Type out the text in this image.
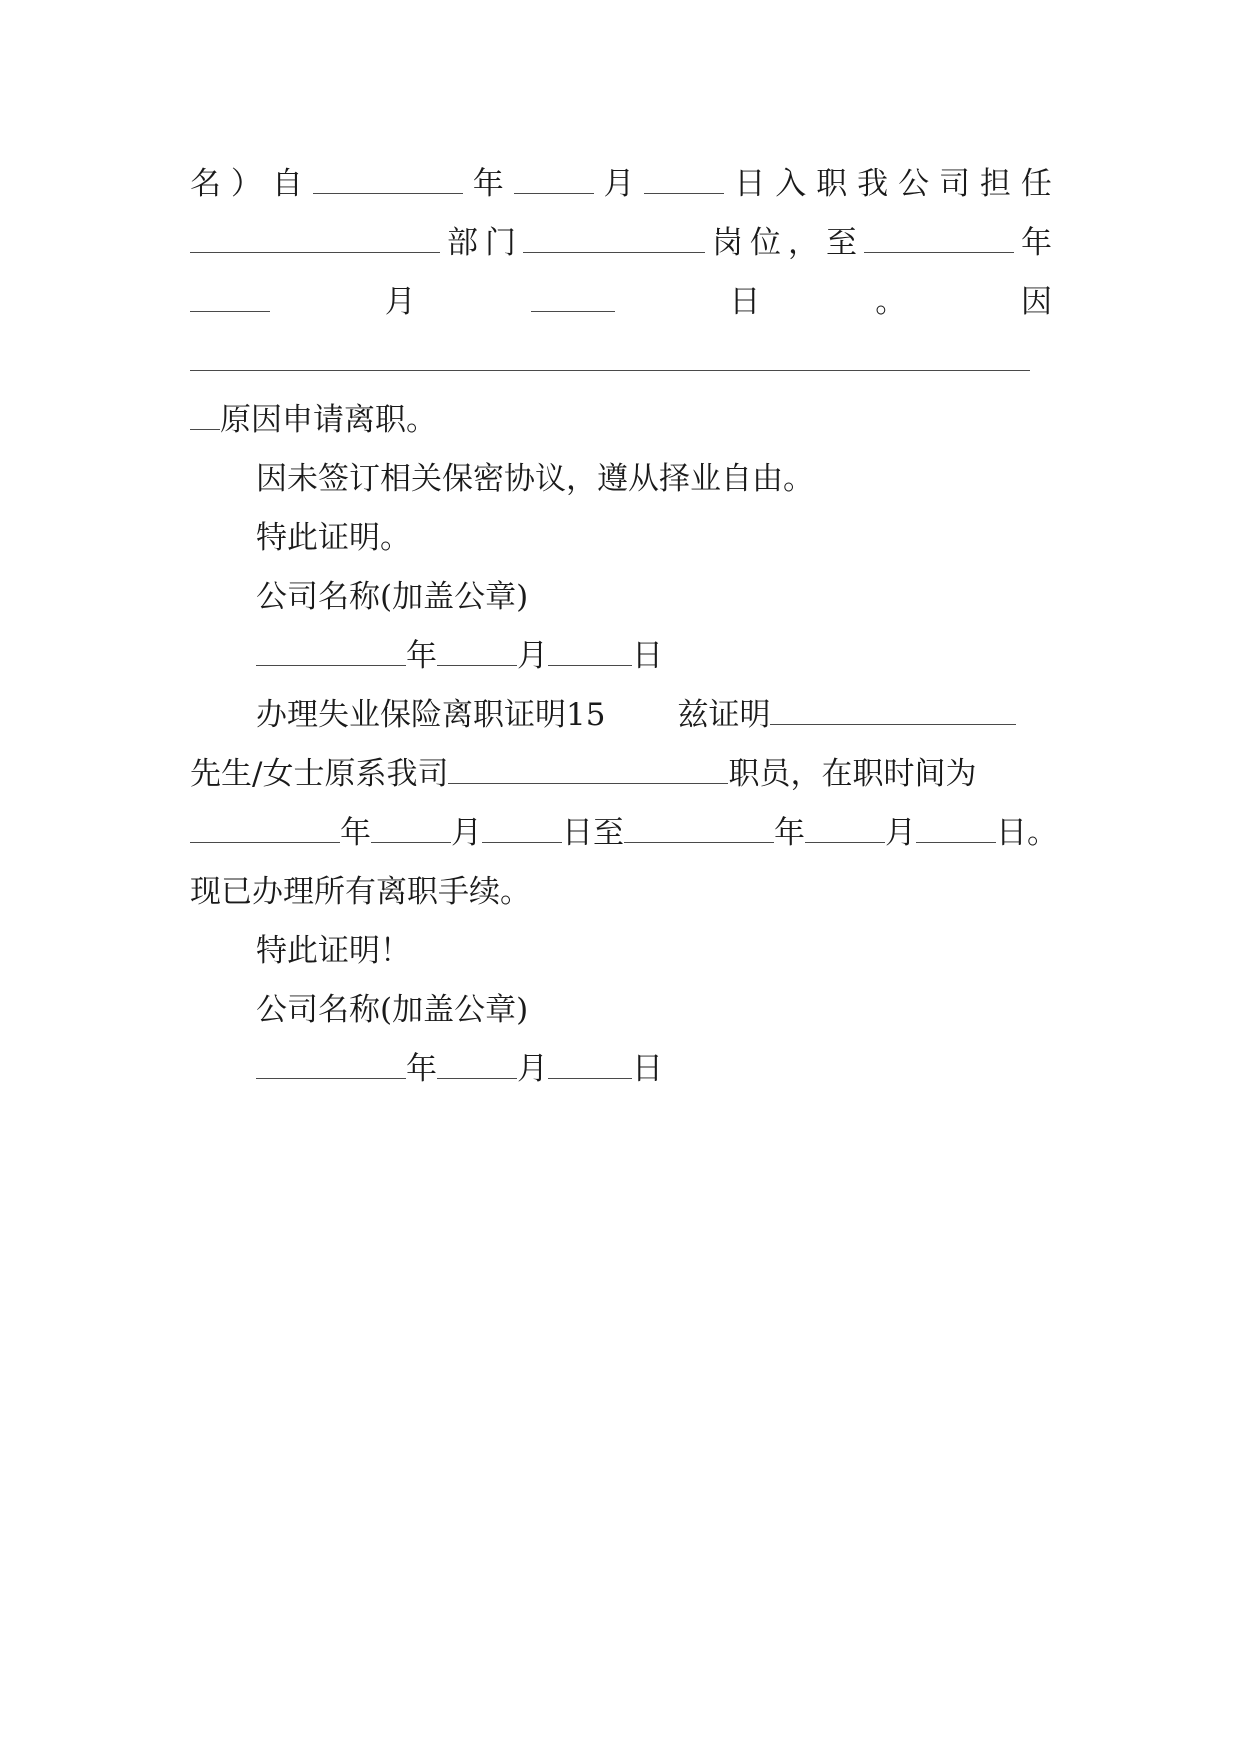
名 ） 自	年	月	日 入 职 我 公 司 担 任
部 门	岗 位 ， 至	年
月	日	。	因
原因申请离职。
因未签订相关保密协议，遵从择业自由。
特此证明。
公司名称(加盖公章)
年	月	日
办理失业保险离职证明15 兹证明
先生/女士原系我司	职员，在职时间为
年	月	日至	年	月	日。
现已办理所有离职手续。
特此证明！
公司名称(加盖公章)
年	月	日
